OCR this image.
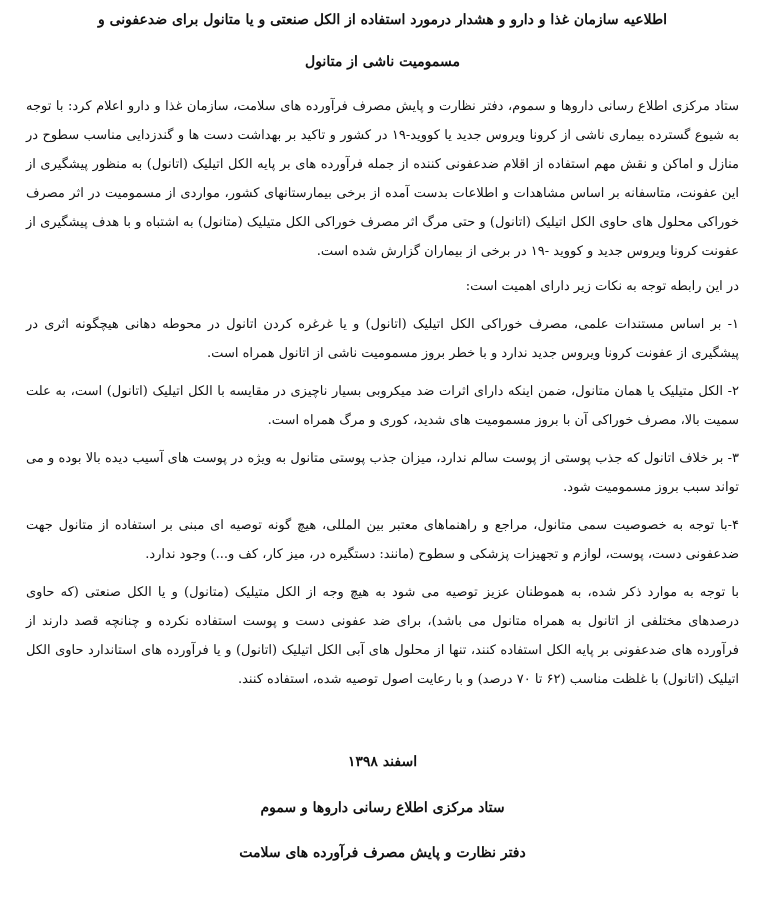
اطلاعیه سازمان غذا و دارو و هشدار درمورد استفاده از الکل صنعتی و یا متانول برای ضدعفونی و
مسمومیت ناشی از متانول

ستاد مرکزی اطلاع رسانی داروها و سموم، دفتر نظارت و پایش مصرف فرآورده های سلامت، سازمان غذا و دارو اعلام کرد: با توجه به شیوع گسترده بیماری ناشی از کرونا ویروس جدید یا کووید-۱۹ در کشور و تاکید بر بهداشت دست ها و گندزدایی مناسب سطوح در منازل و اماکن و نقش مهم استفاده از اقلام ضدعفونی کننده از جمله فرآورده های بر پایه الکل اتیلیک (اتانول) به منظور پیشگیری از این عفونت، متاسفانه بر اساس مشاهدات و اطلاعات بدست آمده از برخی بیمارستانهای کشور، مواردی از مسمومیت در اثر مصرف خوراکی محلول های حاوی الکل اتیلیک (اتانول) و حتی مرگ اثر مصرف خوراکی الکل متیلیک (متانول) به اشتباه و با هدف پیشگیری از عفونت کرونا ویروس جدید و کووید -۱۹ در برخی از بیماران گزارش شده است.

در این رابطه توجه به نکات زیر دارای اهمیت است:

۱- بر اساس مستندات علمی، مصرف خوراکی الکل اتیلیک (اتانول) و یا غرغره کردن اتانول در محوطه دهانی هیچگونه اثری در پیشگیری از عفونت کرونا ویروس جدید ندارد و با خطر بروز مسمومیت ناشی از اتانول همراه است.

۲- الکل متیلیک یا همان متانول، ضمن اینکه دارای اثرات ضد میکروبی بسیار ناچیزی در مقایسه با الکل اتیلیک (اتانول) است، به علت سمیت بالا، مصرف خوراکی آن با بروز مسمومیت های شدید، کوری و مرگ همراه است.

۳- بر خلاف اتانول که جذب پوستی از پوست سالم ندارد، میزان جذب پوستی متانول به ویژه در پوست های آسیب دیده بالا بوده و می تواند سبب بروز مسمومیت شود.

۴-با توجه به خصوصیت سمی متانول، مراجع و راهنماهای معتبر بین المللی، هیچ گونه توصیه ای مبنی بر استفاده از متانول جهت ضدعفونی دست، پوست، لوازم و تجهیزات پزشکی و سطوح (مانند: دستگیره در، میز کار، کف و...) وجود ندارد.

با توجه به موارد ذکر شده، به هموطنان عزیز توصیه می شود به هیچ وجه از الکل متیلیک (متانول) و یا الکل صنعتی (که حاوی درصدهای مختلفی از اتانول به همراه متانول می باشد)، برای ضد عفونی دست و پوست استفاده نکرده و چنانچه قصد دارند از فرآورده های ضدعفونی بر پایه الکل استفاده کنند، تنها از محلول های آبی الکل اتیلیک (اتانول) و یا فرآورده های استاندارد حاوی الکل اتیلیک (اتانول) با غلظت مناسب (۶۲ تا ۷۰ درصد) و با رعایت اصول توصیه شده، استفاده کنند.

اسفند ۱۳۹۸

ستاد مرکزی اطلاع رسانی داروها و سموم

دفتر نظارت و پایش مصرف فرآورده های سلامت
